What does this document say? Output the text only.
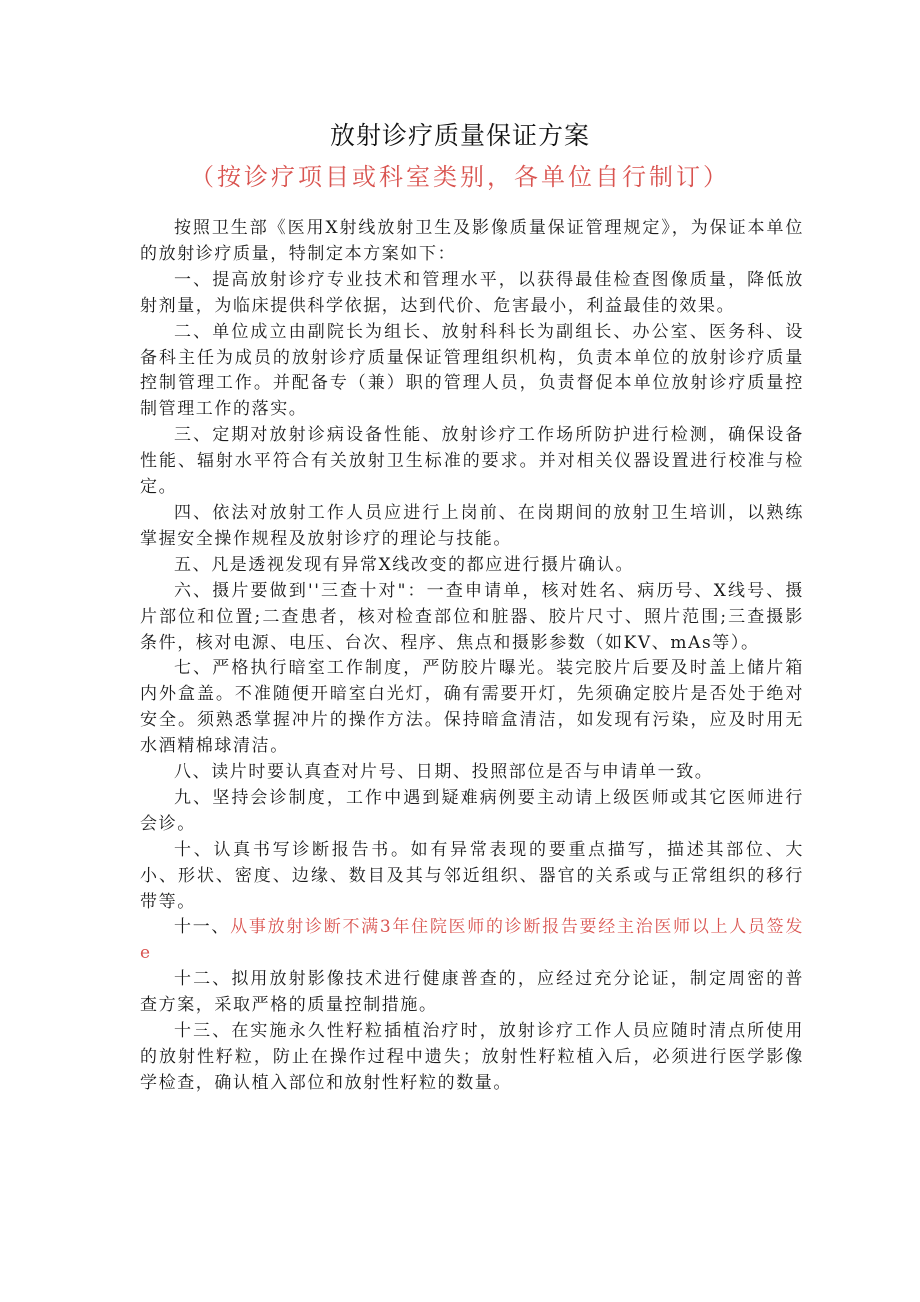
放射诊疗质量保证方案
（按诊疗项目或科室类别，各单位自行制订）

按照卫生部《医用X射线放射卫生及影像质量保证管理规定》，为保证本单位的放射诊疗质量，特制定本方案如下：

一、提高放射诊疗专业技术和管理水平，以获得最佳检查图像质量，降低放射剂量，为临床提供科学依据，达到代价、危害最小，利益最佳的效果。

二、单位成立由副院长为组长、放射科科长为副组长、办公室、医务科、设备科主任为成员的放射诊疗质量保证管理组织机构，负责本单位的放射诊疗质量控制管理工作。并配备专（兼）职的管理人员，负责督促本单位放射诊疗质量控制管理工作的落实。

三、定期对放射诊病设备性能、放射诊疗工作场所防护进行检测，确保设备性能、辐射水平符合有关放射卫生标准的要求。并对相关仪器设置进行校准与检定。

四、依法对放射工作人员应进行上岗前、在岗期间的放射卫生培训，以熟练掌握安全操作规程及放射诊疗的理论与技能。

五、凡是透视发现有异常X线改变的都应进行摄片确认。

六、摄片要做到''三查十对"：一查申请单，核对姓名、病历号、X线号、摄片部位和位置;二查患者，核对检查部位和脏器、胶片尺寸、照片范围;三查摄影条件，核对电源、电压、台次、程序、焦点和摄影参数（如KV、mAs等）。

七、严格执行暗室工作制度，严防胶片曝光。装完胶片后要及时盖上储片箱内外盒盖。不准随便开暗室白光灯，确有需要开灯，先须确定胶片是否处于绝对安全。须熟悉掌握冲片的操作方法。保持暗盒清洁，如发现有污染，应及时用无水酒精棉球清洁。

八、读片时要认真查对片号、日期、投照部位是否与申请单一致。

九、坚持会诊制度，工作中遇到疑难病例要主动请上级医师或其它医师进行会诊。

十、认真书写诊断报告书。如有异常表现的要重点描写，描述其部位、大小、形状、密度、边缘、数目及其与邻近组织、器官的关系或与正常组织的移行带等。

十一、从事放射诊断不满3年住院医师的诊断报告要经主治医师以上人员签发e

十二、拟用放射影像技术进行健康普查的，应经过充分论证，制定周密的普查方案，采取严格的质量控制措施。

十三、在实施永久性籽粒插植治疗时，放射诊疗工作人员应随时清点所使用的放射性籽粒，防止在操作过程中遗失；放射性籽粒植入后，必须进行医学影像学检查，确认植入部位和放射性籽粒的数量。
